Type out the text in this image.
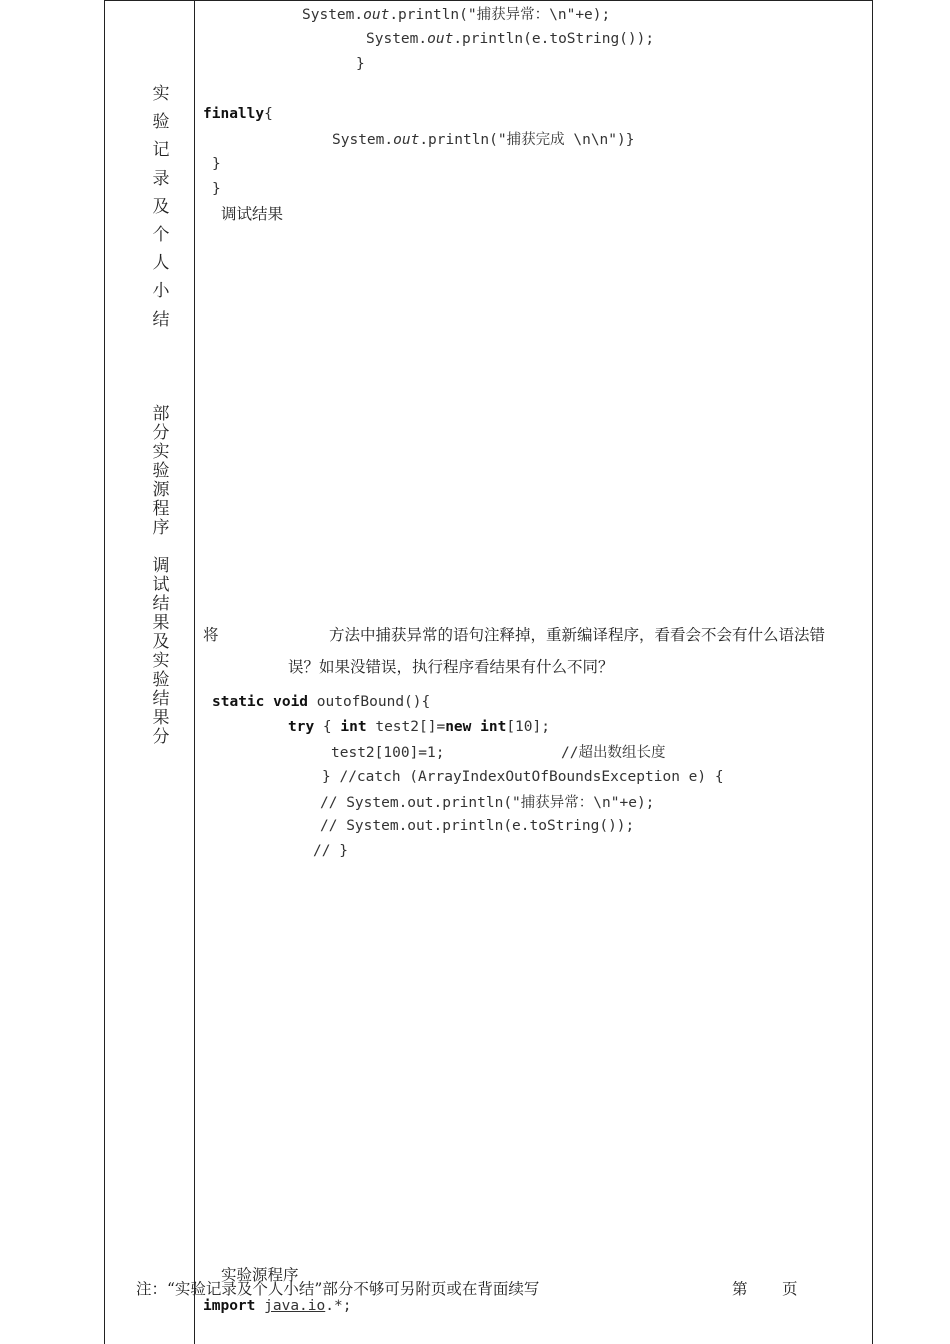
实
验
记
录
及
个
人
小
结
部
分
实
验
源
程
序

调
试
结
果
及
实
验
结
果
分
System.out.println("捕获异常：\n"+e);
System.out.println(e.toString());
}
finally{
System.out.println("捕获完成 \n\n")}
}
}
调试结果
将	方法中捕获异常的语句注释掉，重新编译程序，看看会不会有什么语法错
误？如果没错误，执行程序看结果有什么不同？
static void outofBound(){
try { int test2[]=new int[10];
test2[100]=1;	//超出数组长度
} //catch (ArrayIndexOutOfBoundsException e) {
// System.out.println("捕获异常：\n"+e);
// System.out.println(e.toString());
// }
实验源程序
注：“实验记录及个人小结”部分不够可另附页或在背面续写	第 页
import java.io.*;
